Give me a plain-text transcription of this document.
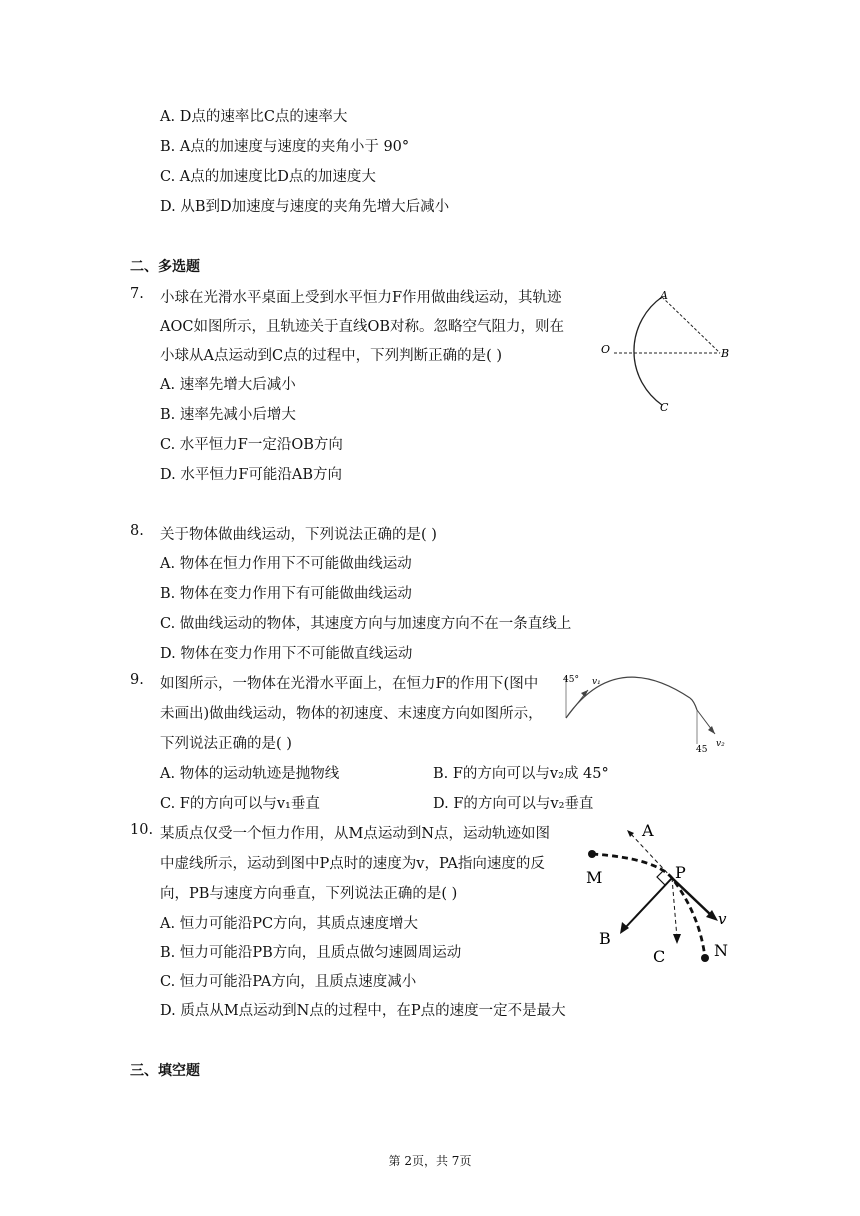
A. D点的速率比C点的速率大
B. A点的加速度与速度的夹角小于 90°
C. A点的加速度比D点的加速度大
D. 从B到D加速度与速度的夹角先增大后减小
二、多选题
7. 小球在光滑水平桌面上受到水平恒力F作用做曲线运动，其轨迹
AOC如图所示，且轨迹关于直线OB对称。忽略空气阻力，则在
小球从A点运动到C点的过程中，下列判断正确的是( )
A. 速率先增大后减小
B. 速率先减小后增大
C. 水平恒力F一定沿OB方向
D. 水平恒力F可能沿AB方向
A
O	B
C
8. 关于物体做曲线运动，下列说法正确的是( )
A. 物体在恒力作用下不可能做曲线运动
B. 物体在变力作用下有可能做曲线运动
C. 做曲线运动的物体，其速度方向与加速度方向不在一条直线上
D. 物体在变力作用下不可能做直线运动
9. 如图所示，一物体在光滑水平面上，在恒力F的作用下(图中
未画出)做曲线运动，物体的初速度、末速度方向如图所示，
下列说法正确的是( )
A. 物体的运动轨迹是抛物线	B. F的方向可以与v₂成 45°
C. F的方向可以与v₁垂直	D. F的方向可以与v₂垂直
45° v₁
45
v₂
10. 某质点仅受一个恒力作用，从M点运动到N点，运动轨迹如图
中虚线所示，运动到图中P点时的速度为v，PA指向速度的反
向，PB与速度方向垂直，下列说法正确的是( )
A. 恒力可能沿PC方向，其质点速度增大
B. 恒力可能沿PB方向，且质点做匀速圆周运动
C. 恒力可能沿PA方向，且质点速度减小
D. 质点从M点运动到N点的过程中，在P点的速度一定不是最大
A
M	P
v
B
C	N
三、填空题
第 2页，共 7页
